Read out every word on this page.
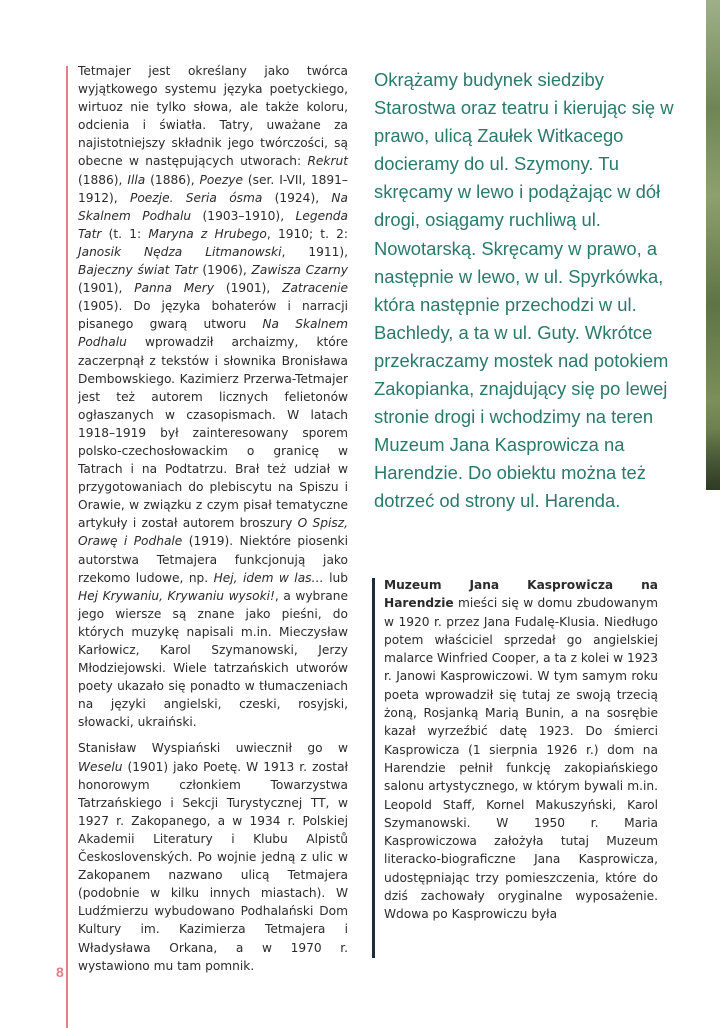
Tetmajer jest określany jako twórca wyjątkowego systemu języka poetyckiego, wirtuoz nie tylko słowa, ale także koloru, odcienia i światła. Tatry, uważane za najistotniejszy składnik jego twórczości, są obecne w następujących utworach: Rekrut (1886), Illa (1886), Poezye (ser. I-VII, 1891–1912), Poezje. Seria ósma (1924), Na Skalnem Podhalu (1903–1910), Legenda Tatr (t. 1: Maryna z Hrubego, 1910; t. 2: Janosik Nędza Litmanowski, 1911), Bajeczny świat Tatr (1906), Zawisza Czarny (1901), Panna Mery (1901), Zatracenie (1905). Do języka bohaterów i narracji pisanego gwarą utworu Na Skalnem Podhalu wprowadził archaizmy, które zaczerpnął z tekstów i słownika Bronisława Dembowskiego. Kazimierz Przerwa-Tetmajer jest też autorem licznych felietonów ogłaszanych w czasopismach. W latach 1918–1919 był zainteresowany sporem polsko-czechosłowackim o granicę w Tatrach i na Podtatrzu. Brał też udział w przygotowaniach do plebiscytu na Spiszu i Orawie, w związku z czym pisał tematyczne artykuły i został autorem broszury O Spisz, Orawę i Podhale (1919). Niektóre piosenki autorstwa Tetmajera funkcjonują jako rzekomo ludowe, np. Hej, idem w las… lub Hej Krywaniu, Krywaniu wysoki!, a wybrane jego wiersze są znane jako pieśni, do których muzykę napisali m.in. Mieczysław Karłowicz, Karol Szymanowski, Jerzy Młodziejowski. Wiele tatrzańskich utworów poety ukazało się ponadto w tłumaczeniach na języki angielski, czeski, rosyjski, słowacki, ukraiński.

Stanisław Wyspiański uwiecznił go w Weselu (1901) jako Poetę. W 1913 r. został honorowym członkiem Towarzystwa Tatrzańskiego i Sekcji Turystycznej TT, w 1927 r. Zakopanego, a w 1934 r. Polskiej Akademii Literatury i Klubu Alpistů Československých. Po wojnie jedną z ulic w Zakopanem nazwano ulicą Tetmajera (podobnie w kilku innych miastach). W Ludźmierzu wybudowano Podhalański Dom Kultury im. Kazimierza Tetmajera i Władysława Orkana, a w 1970 r. wystawiono mu tam pomnik.

Okrążamy budynek siedziby Starostwa oraz teatru i kierując się w prawo, ulicą Zaułek Witkacego docieramy do ul. Szymony. Tu skręcamy w lewo i podążając w dół drogi, osiągamy ruchliwą ul. Nowotarską. Skręcamy w prawo, a następnie w lewo, w ul. Spyrkówka, która następnie przechodzi w ul. Bachledy, a ta w ul. Guty. Wkrótce przekraczamy mostek nad potokiem Zakopianka, znajdujący się po lewej stronie drogi i wchodzimy na teren Muzeum Jana Kasprowicza na Harendzie. Do obiektu można też dotrzeć od strony ul. Harenda.

Muzeum Jana Kasprowicza na Harendzie mieści się w domu zbudowanym w 1920 r. przez Jana Fudalę-Klusia. Niedługo potem właściciel sprzedał go angielskiej malarce Winfried Cooper, a ta z kolei w 1923 r. Janowi Kasprowiczowi. W tym samym roku poeta wprowadził się tutaj ze swoją trzecią żoną, Rosjanką Marią Bunin, a na sosrębie kazał wyrzeźbić datę 1923. Do śmierci Kasprowicza (1 sierpnia 1926 r.) dom na Harendzie pełnił funkcję zakopiańskiego salonu artystycznego, w którym bywali m.in. Leopold Staff, Kornel Makuszyński, Karol Szymanowski. W 1950 r. Maria Kasprowiczowa założyła tutaj Muzeum literacko-biograficzne Jana Kasprowicza, udostępniając trzy pomieszczenia, które do dziś zachowały oryginalne wyposażenie. Wdowa po Kasprowiczu była

8
